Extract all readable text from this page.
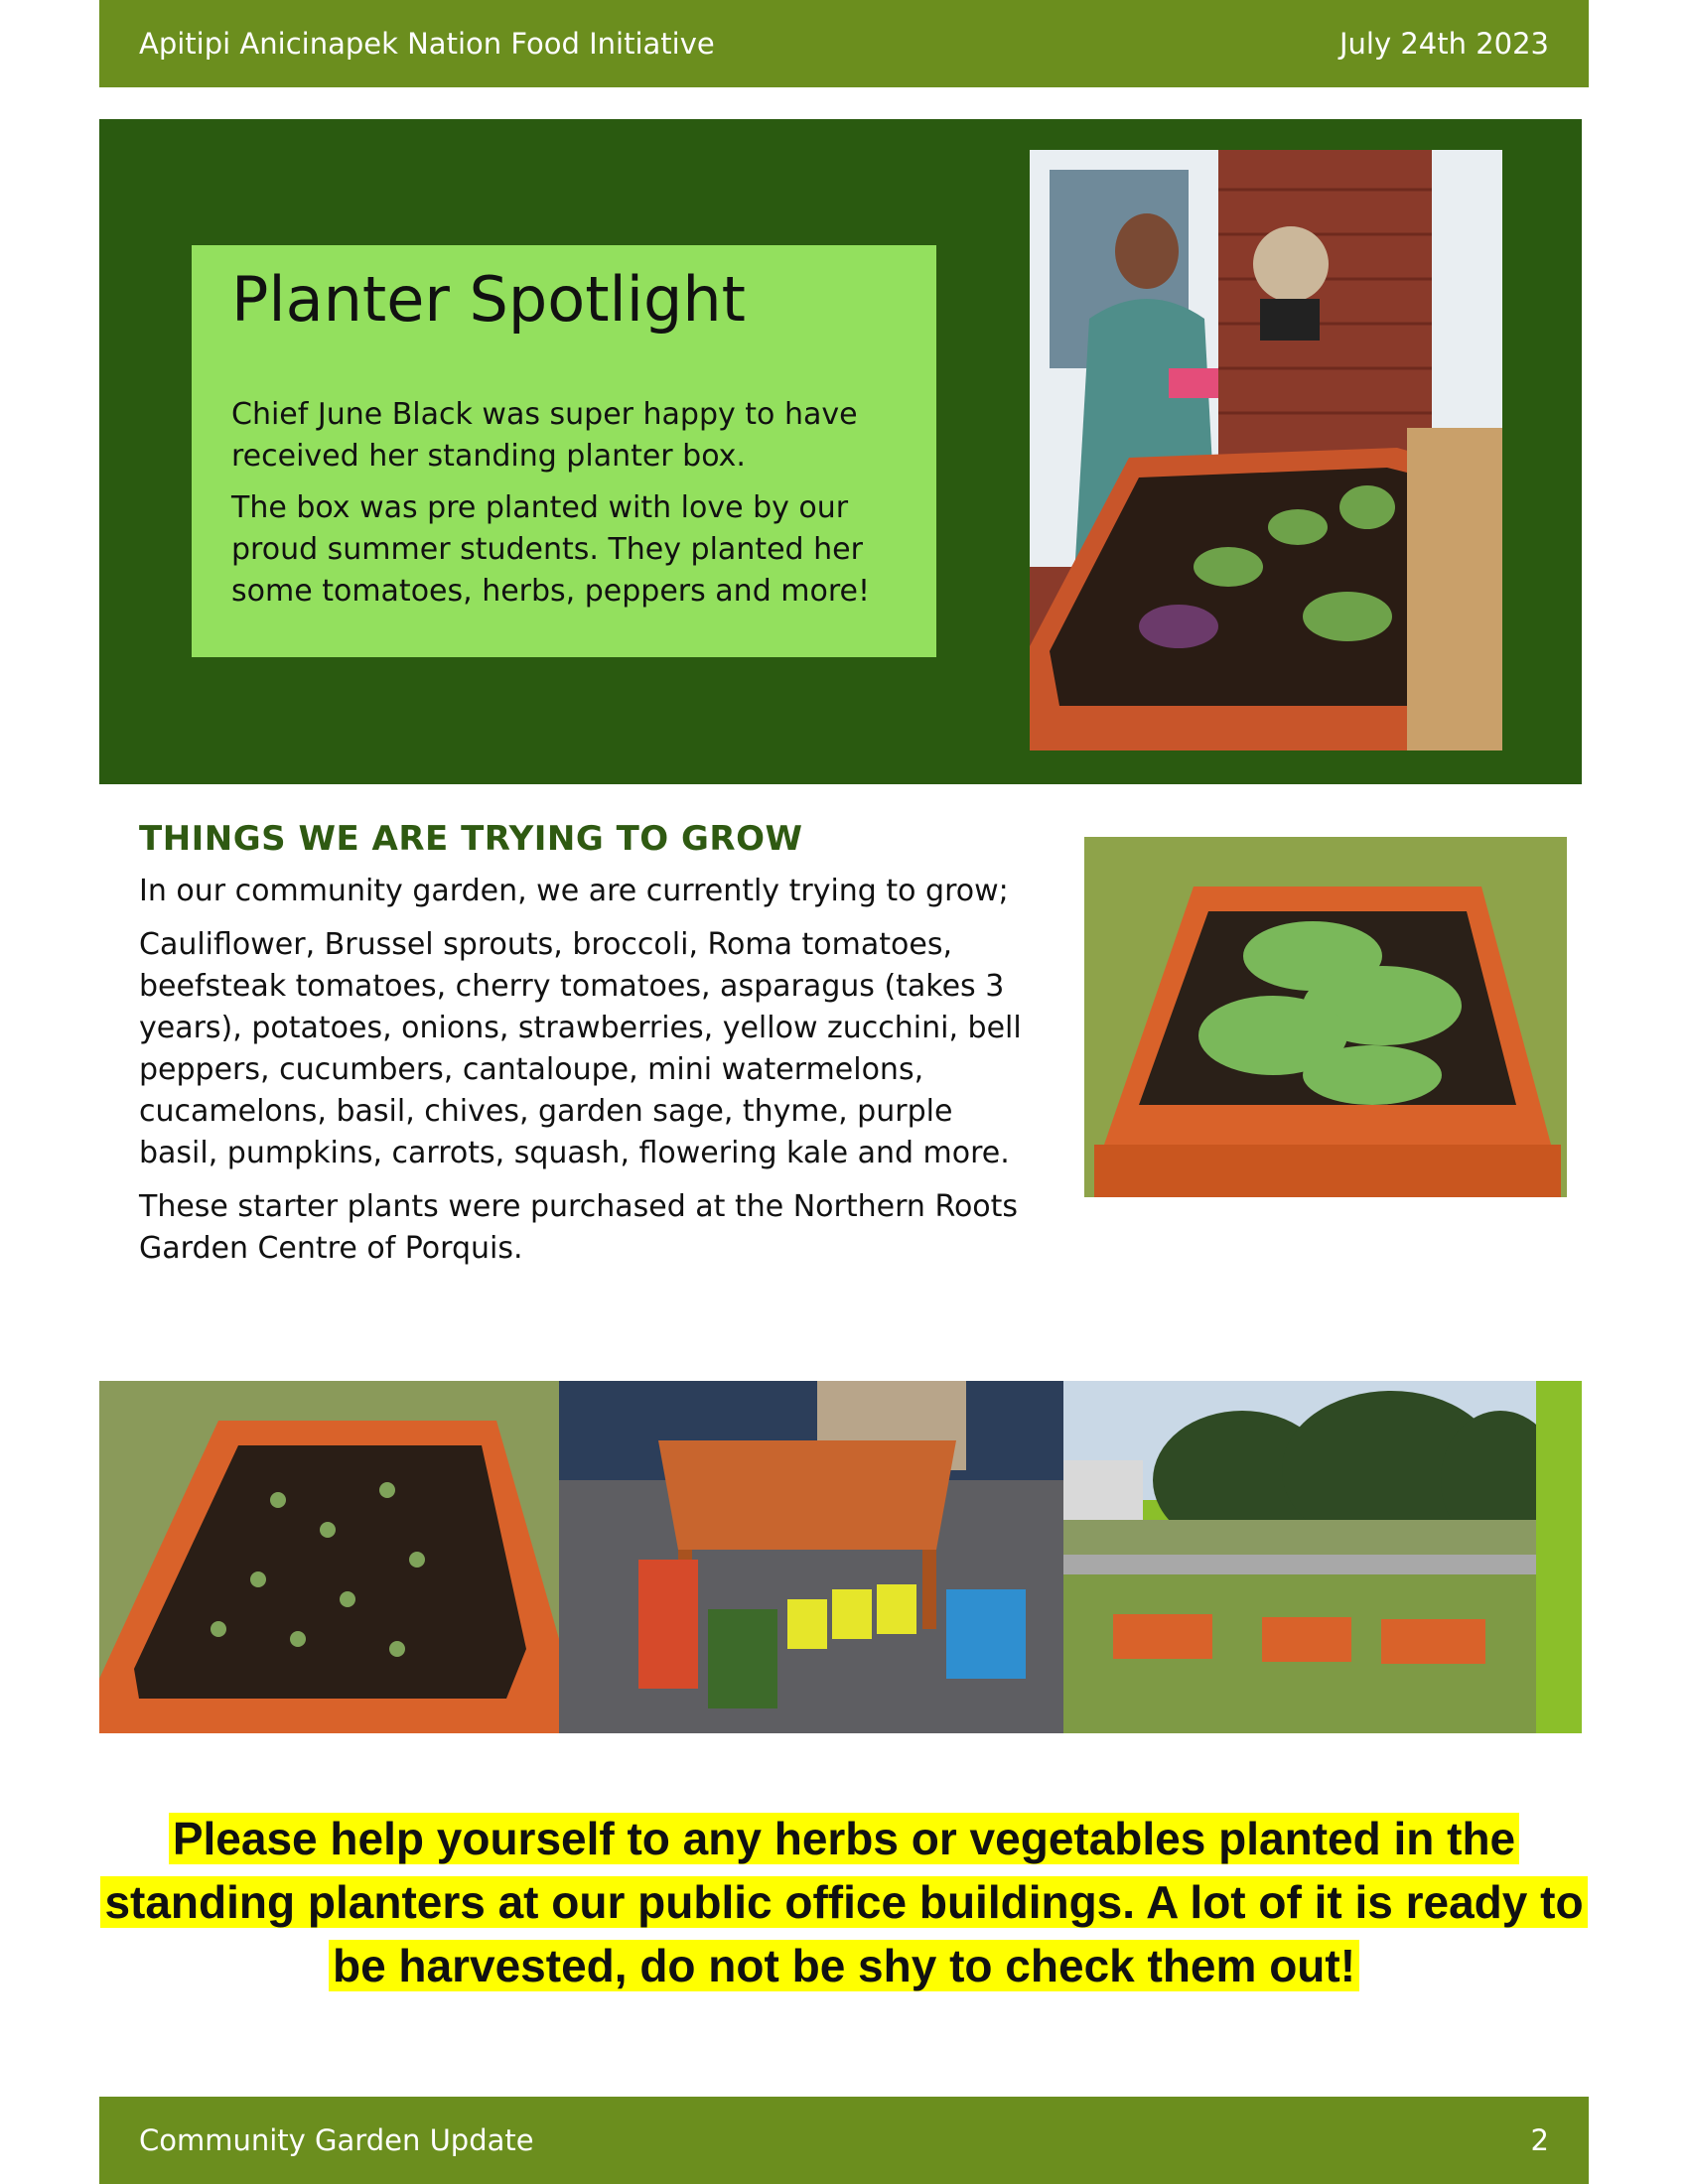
Apitipi Anicinapek Nation Food Initiative	July 24th 2023
Planter Spotlight

Chief June Black was super happy to have received her standing planter box.

The box was pre planted with love by our proud summer students. They planted her some tomatoes, herbs, peppers and more!

THINGS WE ARE TRYING TO GROW

In our community garden, we are currently trying to grow;

Cauliflower, Brussel sprouts, broccoli, Roma tomatoes, beefsteak tomatoes, cherry tomatoes, asparagus (takes 3 years), potatoes, onions, strawberries, yellow zucchini, bell peppers, cucumbers, cantaloupe, mini watermelons, cucamelons, basil, chives, garden sage, thyme, purple basil, pumpkins, carrots, squash, flowering kale and more.

These starter plants were purchased at the Northern Roots Garden Centre of Porquis.

Please help yourself to any herbs or vegetables planted in the standing planters at our public office buildings. A lot of it is ready to be harvested, do not be shy to check them out!
Community Garden Update	2
